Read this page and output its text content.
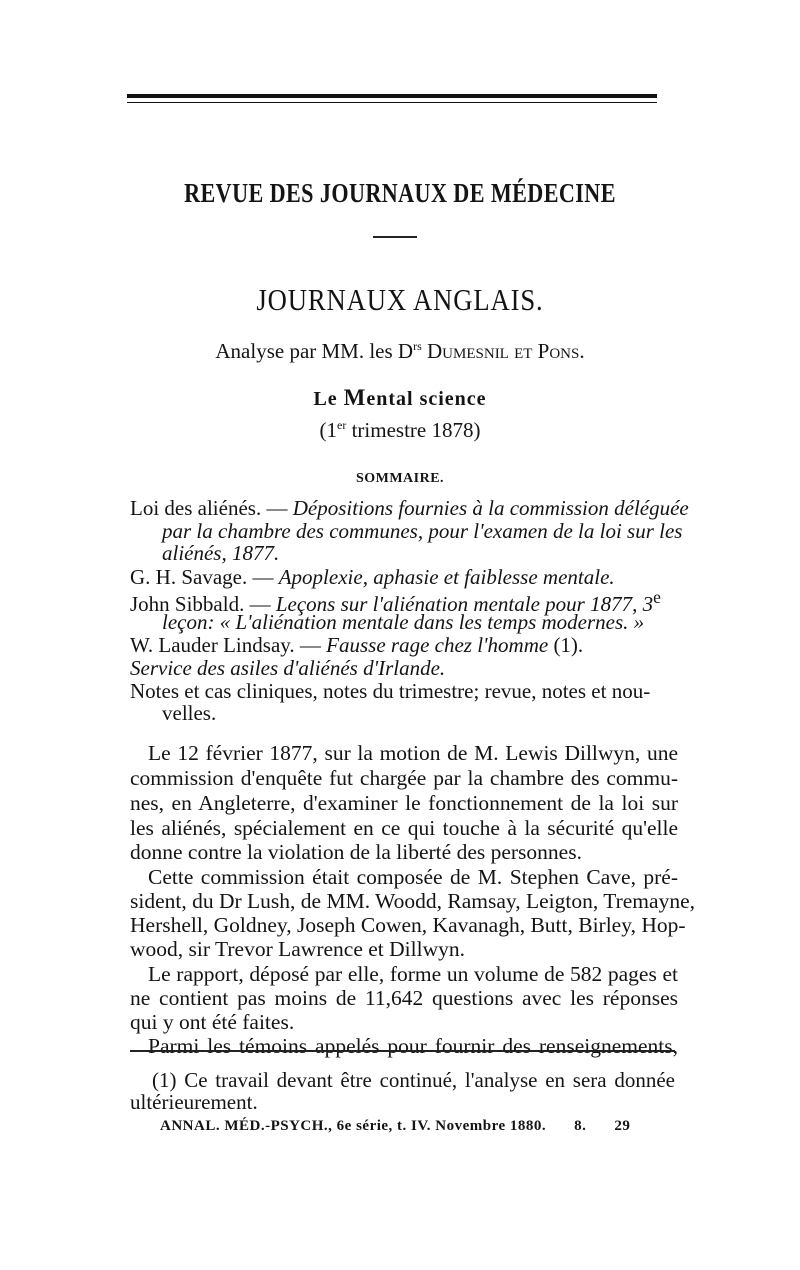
REVUE DES JOURNAUX DE MÉDECINE
JOURNAUX ANGLAIS.
Analyse par MM. les $D^{rs}$ Dumesnil et Pons.
Le Mental science
(1er trimestre 1878)
SOMMAIRE.
Loi des aliénés. — Dépositions fournies à la commission déléguée
par la chambre des communes, pour l'examen de la loi sur les
aliénés, 1877.
G. H. Savage. — Apoplexie, aphasie et faiblesse mentale.
John Sibbald. — Leçons sur l'aliénation mentale pour 1877, 3e
leçon: « L'aliénation mentale dans les temps modernes. »
W. Lauder Lindsay. — Fausse rage chez l'homme (1).
Service des asiles d'aliénés d'Irlande.
Notes et cas cliniques, notes du trimestre; revue, notes et nou-
velles.
Le 12 février 1877, sur la motion de M. Lewis Dillwyn, une
commission d'enquête fut chargée par la chambre des commu-
nes, en Angleterre, d'examiner le fonctionnement de la loi sur
les aliénés, spécialement en ce qui touche à la sécurité qu'elle
donne contre la violation de la liberté des personnes.
Cette commission était composée de M. Stephen Cave, pré-
sident, du Dr Lush, de MM. Woodd, Ramsay, Leigton, Tremayne,
Hershell, Goldney, Joseph Cowen, Kavanagh, Butt, Birley, Hop-
wood, sir Trevor Lawrence et Dillwyn.
Le rapport, déposé par elle, forme un volume de 582 pages et
ne contient pas moins de 11,642 questions avec les réponses
qui y ont été faites.
Parmi les témoins appelés pour fournir des renseignements,
(1) Ce travail devant être continué, l'analyse en sera donnée
ultérieurement.
ANNAL. MÉD.-PSYCH., 6e série, t. IV. Novembre 1880. 8. 29
